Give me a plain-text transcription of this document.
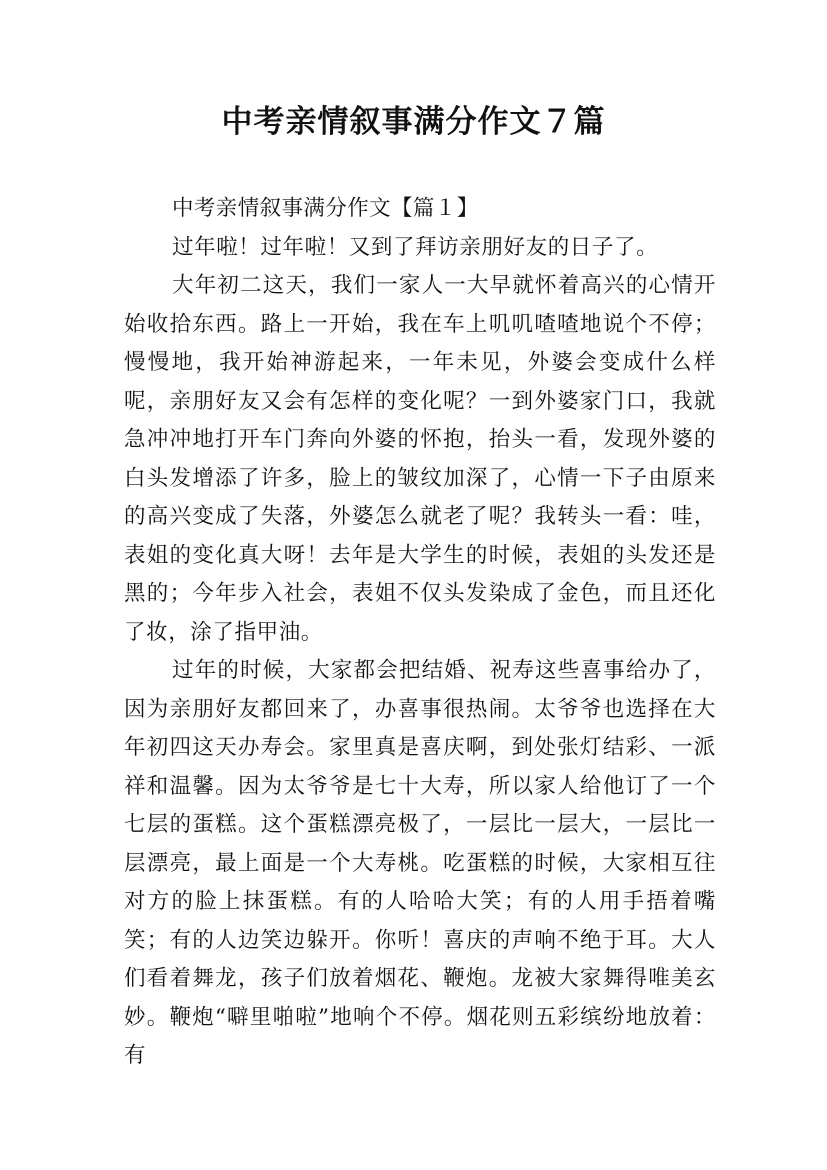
中考亲情叙事满分作文７篇

中考亲情叙事满分作文【篇１】

过年啦！过年啦！又到了拜访亲朋好友的日子了。

大年初二这天，我们一家人一大早就怀着高兴的心情开始收拾东西。路上一开始，我在车上叽叽喳喳地说个不停；慢慢地，我开始神游起来，一年未见，外婆会变成什么样呢，亲朋好友又会有怎样的变化呢？一到外婆家门口，我就急冲冲地打开车门奔向外婆的怀抱，抬头一看，发现外婆的白头发增添了许多，脸上的皱纹加深了，心情一下子由原来的高兴变成了失落，外婆怎么就老了呢？我转头一看：哇，表姐的变化真大呀！去年是大学生的时候，表姐的头发还是黑的；今年步入社会，表姐不仅头发染成了金色，而且还化了妆，涂了指甲油。

过年的时候，大家都会把结婚、祝寿这些喜事给办了，因为亲朋好友都回来了，办喜事很热闹。太爷爷也选择在大年初四这天办寿会。家里真是喜庆啊，到处张灯结彩、一派祥和温馨。因为太爷爷是七十大寿，所以家人给他订了一个七层的蛋糕。这个蛋糕漂亮极了，一层比一层大，一层比一层漂亮，最上面是一个大寿桃。吃蛋糕的时候，大家相互往对方的脸上抹蛋糕。有的人哈哈大笑；有的人用手捂着嘴笑；有的人边笑边躲开。你听！喜庆的声响不绝于耳。大人们看着舞龙，孩子们放着烟花、鞭炮。龙被大家舞得唯美玄妙。鞭炮“噼里啪啦”地响个不停。烟花则五彩缤纷地放着：有
